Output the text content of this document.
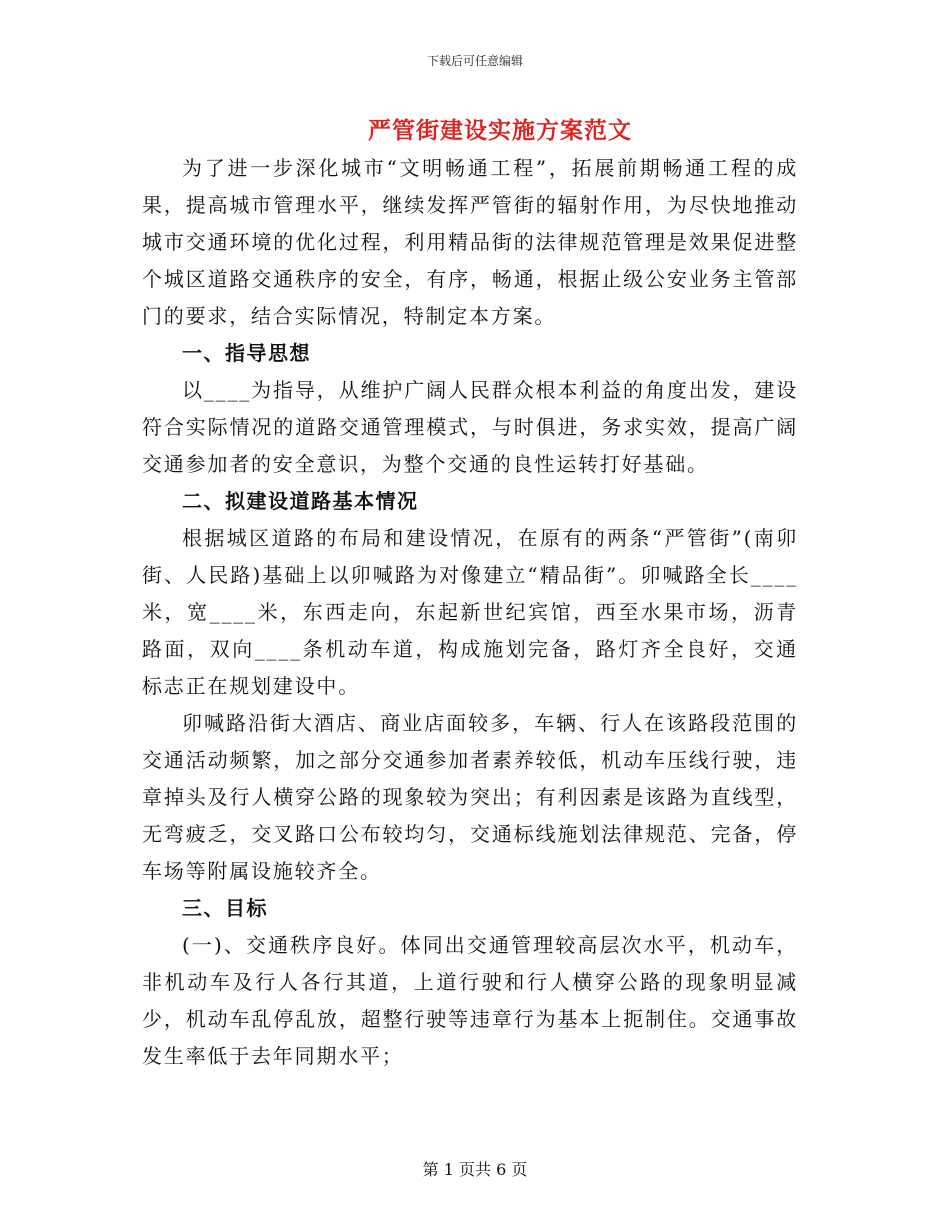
下载后可任意编辑
严管街建设实施方案范文

为了进一步深化城市“文明畅通工程”，拓展前期畅通工程的成果，提高城市管理水平，继续发挥严管街的辐射作用，为尽快地推动城市交通环境的优化过程，利用精品街的法律规范管理是效果促进整个城区道路交通秩序的安全，有序，畅通，根据止级公安业务主管部门的要求，结合实际情况，特制定本方案。

一、指导思想

以____为指导，从维护广阔人民群众根本利益的角度出发，建设符合实际情况的道路交通管理模式，与时俱进，务求实效，提高广阔交通参加者的安全意识，为整个交通的良性运转打好基础。

二、拟建设道路基本情况

根据城区道路的布局和建设情况，在原有的两条“严管街”(南卯街、人民路)基础上以卯喊路为对像建立“精品街”。卯喊路全长____米，宽____米，东西走向，东起新世纪宾馆，西至水果市场，沥青路面，双向____条机动车道，构成施划完备，路灯齐全良好，交通标志正在规划建设中。

卯喊路沿街大酒店、商业店面较多，车辆、行人在该路段范围的交通活动频繁，加之部分交通参加者素养较低，机动车压线行驶，违章掉头及行人横穿公路的现象较为突出；有利因素是该路为直线型，无弯疲乏，交叉路口公布较均匀，交通标线施划法律规范、完备，停车场等附属设施较齐全。

三、目标

(一)、交通秩序良好。体同出交通管理较高层次水平，机动车，非机动车及行人各行其道，上道行驶和行人横穿公路的现象明显减少，机动车乱停乱放，超整行驶等违章行为基本上扼制住。交通事故发生率低于去年同期水平；

第 1 页共 6 页
